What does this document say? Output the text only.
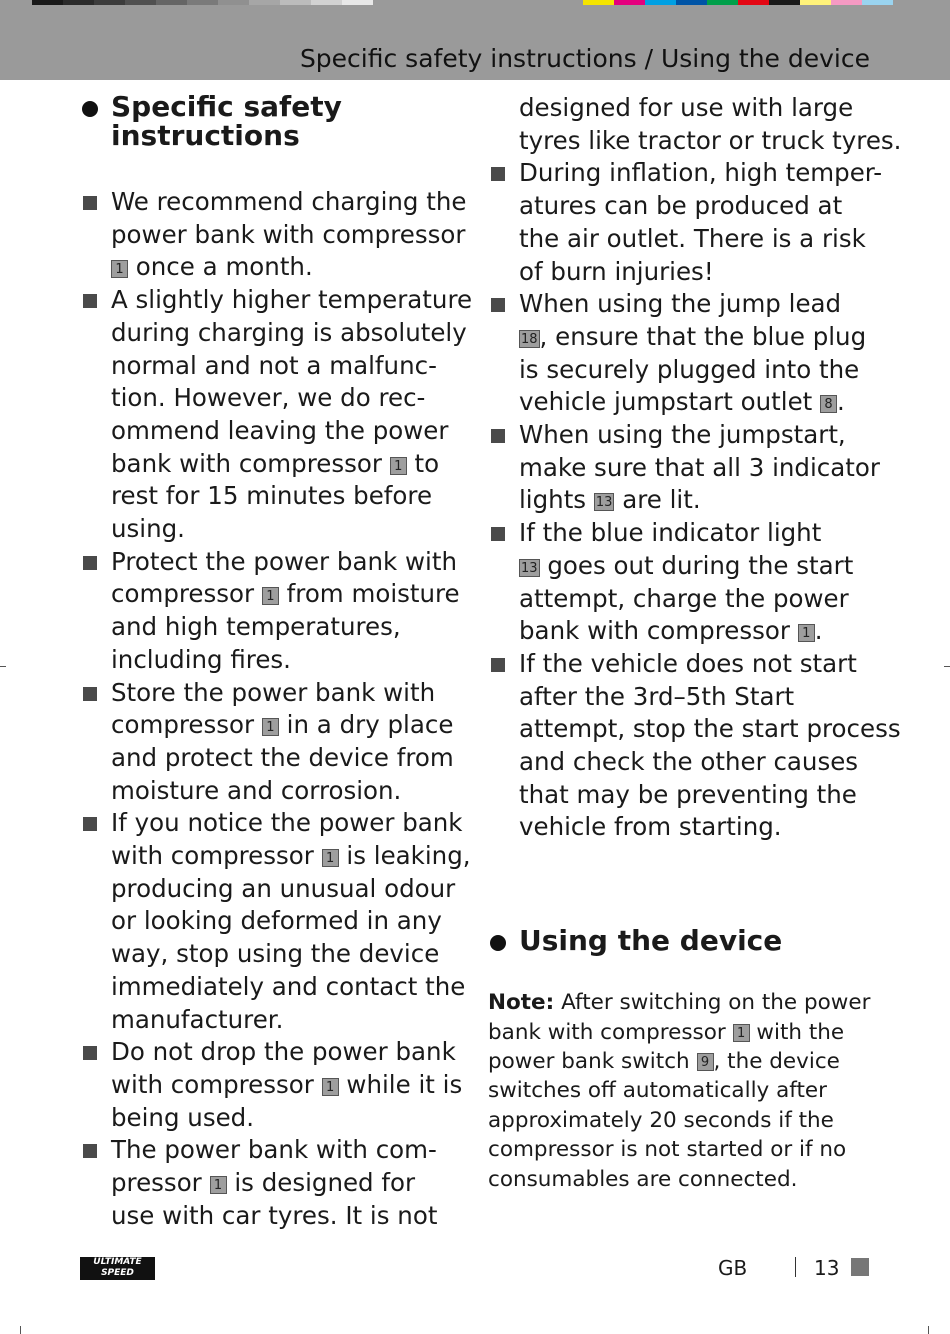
Specific safety instructions / Using the device
Specific safety
instructions
We recommend charging the
power bank with compressor
1 once a month.
A slightly higher temperature
during charging is absolutely
normal and not a malfunc-
tion. However, we do rec-
ommend leaving the power
bank with compressor 1 to
rest for 15 minutes before
using.
Protect the power bank with
compressor 1 from moisture
and high temperatures,
including fires.
Store the power bank with
compressor 1 in a dry place
and protect the device from
moisture and corrosion.
If you notice the power bank
with compressor 1 is leaking,
producing an unusual odour
or looking deformed in any
way, stop using the device
immediately and contact the
manufacturer.
Do not drop the power bank
with compressor 1 while it is
being used.
The power bank with com-
pressor 1 is designed for
use with car tyres. It is not
designed for use with large
tyres like tractor or truck tyres.
During inflation, high temper-
atures can be produced at
the air outlet. There is a risk
of burn injuries!
When using the jump lead
18, ensure that the blue plug
is securely plugged into the
vehicle jumpstart outlet 8 .
When using the jumpstart,
make sure that all 3 indicator
lights 13 are lit.
If the blue indicator light
13 goes out during the start
attempt, charge the power
bank with compressor 1 .
If the vehicle does not start
after the 3rd–5th Start
attempt, stop the start process
and check the other causes
that may be preventing the
vehicle from starting.
Using the device
Note: After switching on the power
bank with compressor 1 with the
power bank switch 9 , the device
switches off automatically after
approximately 20 seconds if the
compressor is not started or if no
consumables are connected.
ULTIMATE SPEED	GB	13
